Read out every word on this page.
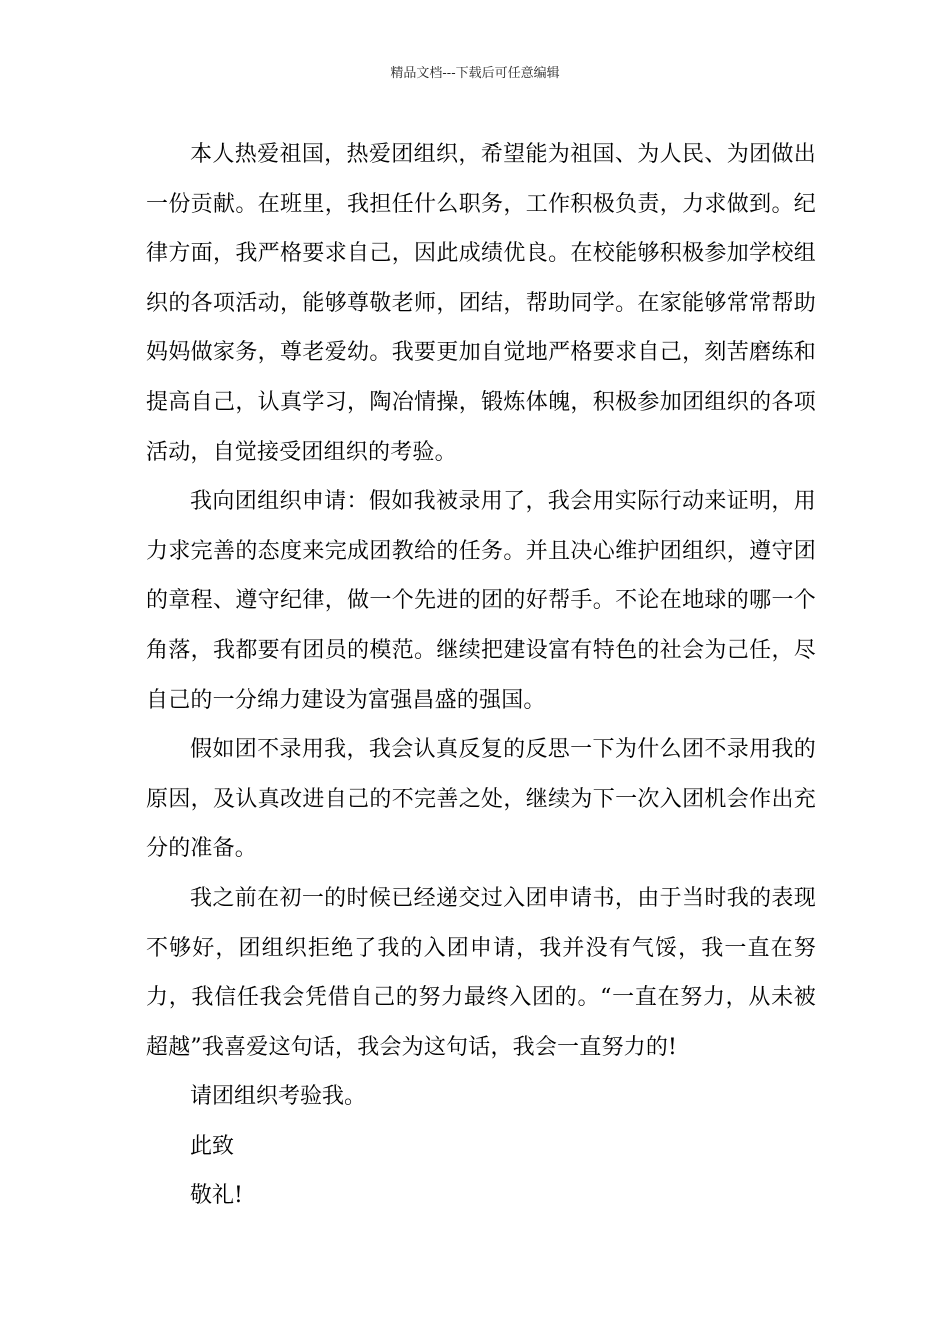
精品文档---下载后可任意编辑

本人热爱祖国，热爱团组织，希望能为祖国、为人民、为团做出一份贡献。在班里，我担任什么职务，工作积极负责，力求做到。纪律方面，我严格要求自己，因此成绩优良。在校能够积极参加学校组织的各项活动，能够尊敬老师，团结，帮助同学。在家能够常常帮助妈妈做家务，尊老爱幼。我要更加自觉地严格要求自己，刻苦磨练和提高自己，认真学习，陶冶情操，锻炼体魄，积极参加团组织的各项活动，自觉接受团组织的考验。

我向团组织申请：假如我被录用了，我会用实际行动来证明，用力求完善的态度来完成团教给的任务。并且决心维护团组织，遵守团的章程、遵守纪律，做一个先进的团的好帮手。不论在地球的哪一个角落，我都要有团员的模范。继续把建设富有特色的社会为己任，尽自己的一分绵力建设为富强昌盛的强国。

假如团不录用我，我会认真反复的反思一下为什么团不录用我的原因，及认真改进自己的不完善之处，继续为下一次入团机会作出充分的准备。

我之前在初一的时候已经递交过入团申请书，由于当时我的表现不够好，团组织拒绝了我的入团申请，我并没有气馁，我一直在努力，我信任我会凭借自己的努力最终入团的。“一直在努力，从未被超越”我喜爱这句话，我会为这句话，我会一直努力的!

请团组织考验我。

此致

敬礼!
